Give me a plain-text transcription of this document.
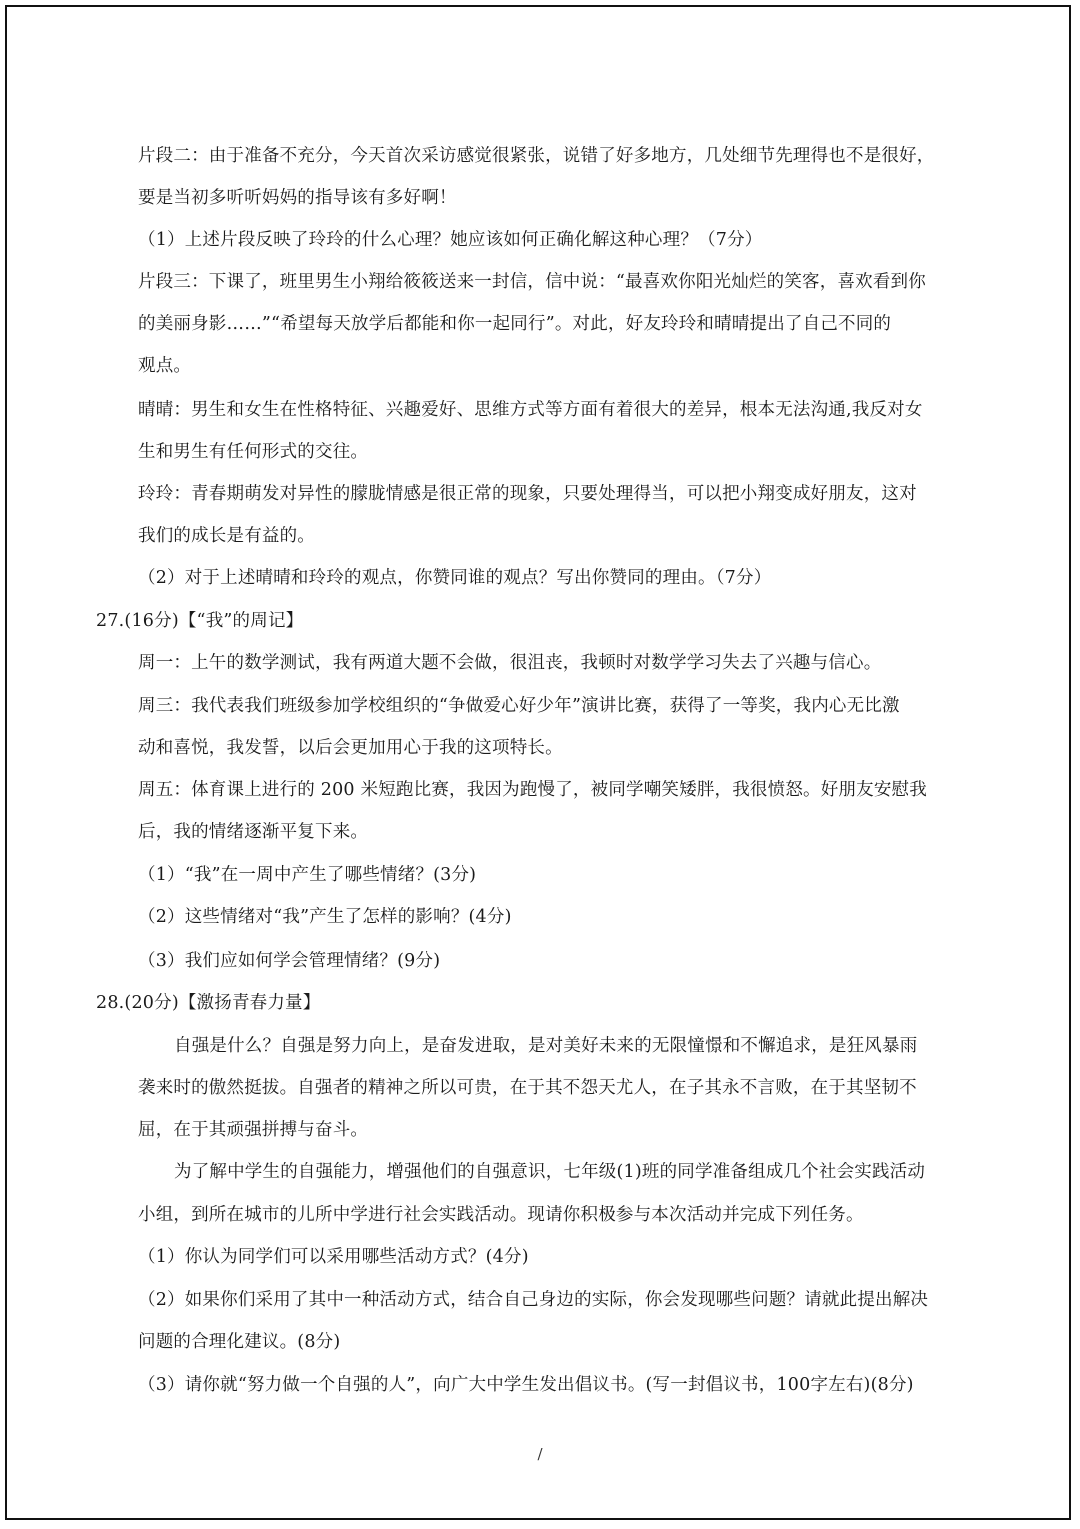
片段二：由于准备不充分，今天首次采访感觉很紧张，说错了好多地方，几处细节先理得也不是很好，
要是当初多听听妈妈的指导该有多好啊！
（1）上述片段反映了玲玲的什么心理？她应该如何正确化解这种心理？（7分）
片段三：下课了，班里男生小翔给筱筱送来一封信，信中说：“最喜欢你阳光灿烂的笑客，喜欢看到你
的美丽身影……”“希望每天放学后都能和你一起同行”。对此，好友玲玲和晴晴提出了自己不同的
观点。
晴晴：男生和女生在性格特征、兴趣爱好、思维方式等方面有着很大的差异，根本无法沟通,我反对女
生和男生有任何形式的交往。
玲玲：青春期萌发对异性的朦胧情感是很正常的现象，只要处理得当，可以把小翔变成好朋友，这对
我们的成长是有益的。
（2）对于上述晴晴和玲玲的观点，你赞同谁的观点？写出你赞同的理由。（7分）
27.(16分)【“我”的周记】
周一：上午的数学测试，我有两道大题不会做，很沮丧，我顿时对数学学习失去了兴趣与信心。
周三：我代表我们班级参加学校组织的“争做爱心好少年”演讲比赛，获得了一等奖，我内心无比激
动和喜悦，我发誓，以后会更加用心于我的这项特长。
周五：体育课上进行的 200 米短跑比赛，我因为跑慢了，被同学嘲笑矮胖，我很愤怒。好朋友安慰我
后，我的情绪逐渐平复下来。
（1）“我”在一周中产生了哪些情绪？(3分)
（2）这些情绪对“我”产生了怎样的影响？(4分)
（3）我们应如何学会管理情绪？(9分)
28.(20分)【激扬青春力量】
自强是什么？自强是努力向上，是奋发进取，是对美好未来的无限憧憬和不懈追求，是狂风暴雨
袭来时的傲然挺拔。自强者的精神之所以可贵，在于其不怨天尤人，在子其永不言败，在于其坚韧不
屈，在于其顽强拼搏与奋斗。
为了解中学生的自强能力，增强他们的自强意识，七年级(1)班的同学准备组成几个社会实践活动
小组，到所在城市的儿所中学进行社会实践活动。现请你积极参与本次活动并完成下列任务。
（1）你认为同学们可以采用哪些活动方式？(4分)
（2）如果你们采用了其中一种活动方式，结合自己身边的实际，你会发现哪些问题？请就此提出解决
问题的合理化建议。(8分)
（3）请你就“努力做一个自强的人”，向广大中学生发出倡议书。(写一封倡议书，100字左右)(8分)
/
